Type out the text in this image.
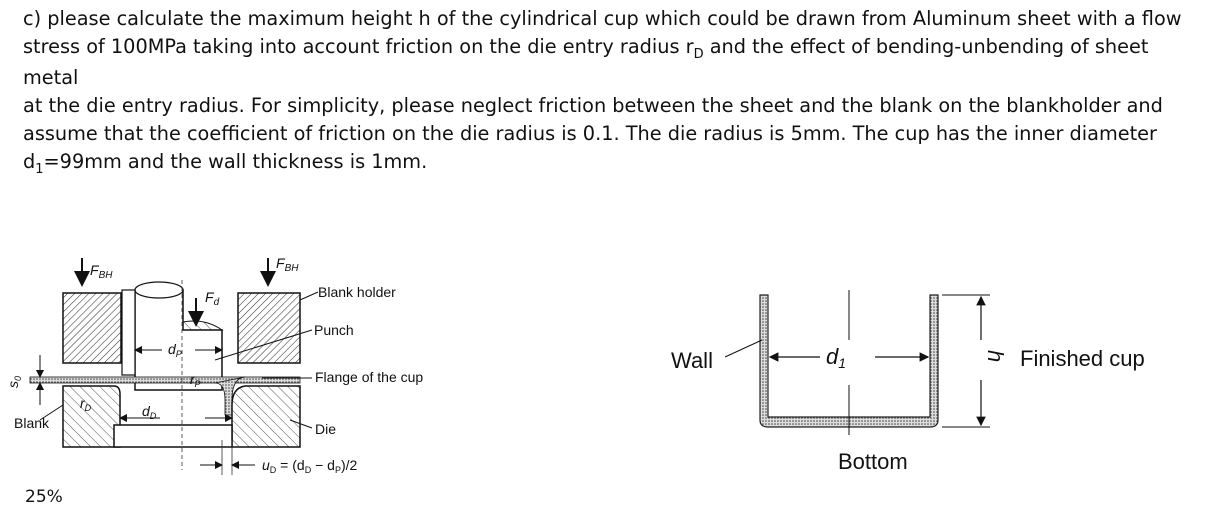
c) please calculate the maximum height h of the cylindrical cup which could be drawn from Aluminum sheet with a flow

stress of 100MPa taking into account friction on the die entry radius $r_D$ and the effect of bending-unbending of sheet metal

at the die entry radius. For simplicity, please neglect friction between the sheet and the blank on the blankholder and

assume that the coefficient of friction on the die radius is 0.1. The die radius is 5mm. The cup has the inner diameter

$d_1=99mm$ and the wall thickness is 1mm.

$F_{BH}$
$F_{BH}$
$F_d$
$d_P$
$r_P$
$r_D$	$d_D$
$s_0$
Blank
Blank holder
Punch
Flange of the cup
Die
$u_D = (d_D - d_P)/2$
Wall	d1	h Finished cup
Bottom
25%
